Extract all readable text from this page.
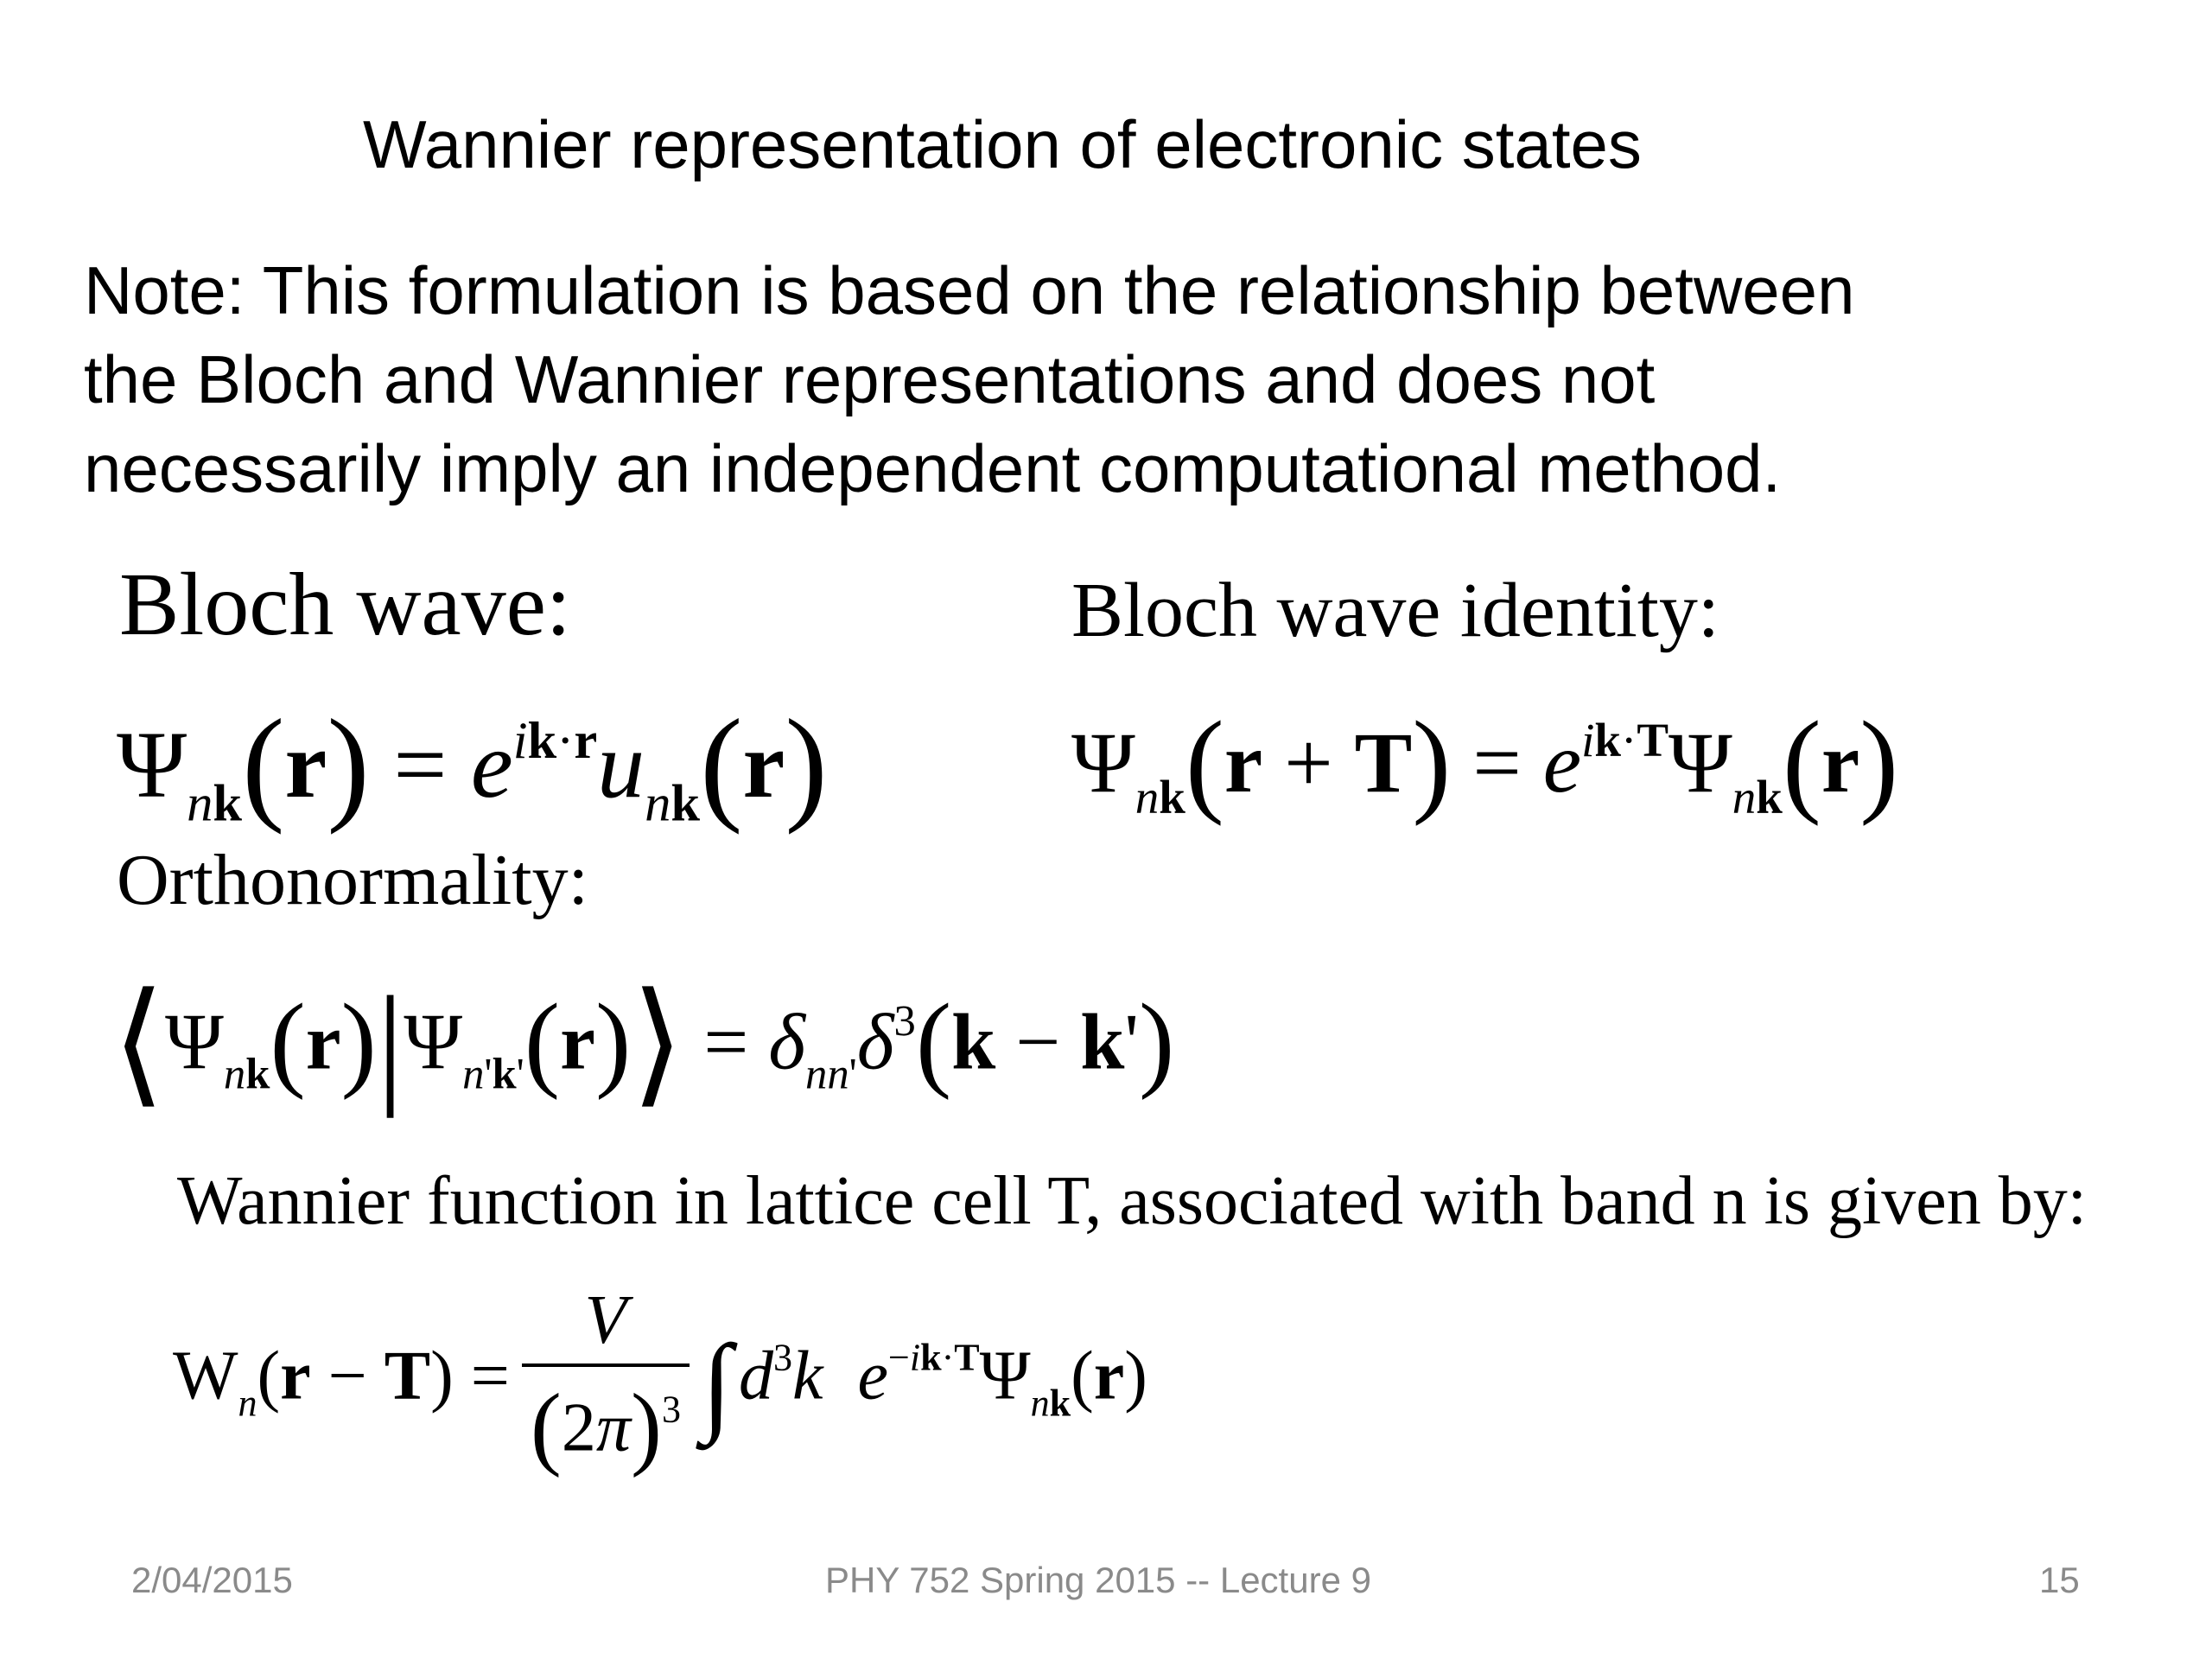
Wannier representation of electronic states
Note: This formulation is based on the relationship between
the Bloch and Wannier representations and does not
necessarily imply an independent computational method.
Bloch wave:	Bloch wave identity:
$\Psi_{nk}(r) = e^{ik\cdot r}u_{nk}(r)$	$\Psi_{nk}(r + T) = e^{ik\cdot T}\Psi_{nk}(r)$
Orthonormality:
$⟨\Psi_{nk}(r)|\Psi_{n'k'}(r)⟩ = \delta_{nn'}\delta^3(k - k')$
Wannier function in lattice cell T, associated with band n is given by:
$W_n(r - T) = \frac{V}{(2\pi)^3}$ ∫ $d^3k$ $e^{-ik\cdot T}\Psi_{nk}(r)$
2/04/2015	PHY 752 Spring 2015 -- Lecture 9	15
